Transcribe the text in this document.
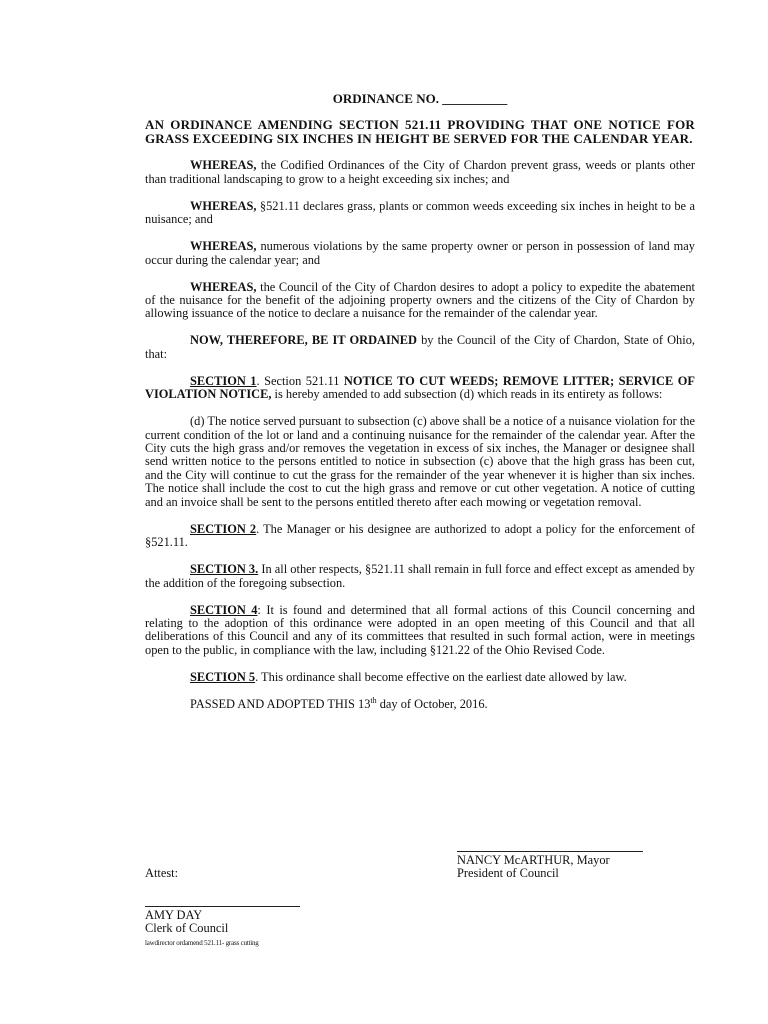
ORDINANCE NO. __________
AN ORDINANCE AMENDING SECTION 521.11 PROVIDING THAT ONE NOTICE FOR GRASS EXCEEDING SIX INCHES IN HEIGHT BE SERVED FOR THE CALENDAR YEAR.
WHEREAS, the Codified Ordinances of the City of Chardon prevent grass, weeds or plants other than traditional landscaping to grow to a height exceeding six inches; and
WHEREAS, §521.11 declares grass, plants or common weeds exceeding six inches in height to be a nuisance; and
WHEREAS, numerous violations by the same property owner or person in possession of land may occur during the calendar year; and
WHEREAS, the Council of the City of Chardon desires to adopt a policy to expedite the abatement of the nuisance for the benefit of the adjoining property owners and the citizens of the City of Chardon by allowing issuance of the notice to declare a nuisance for the remainder of the calendar year.
NOW, THEREFORE, BE IT ORDAINED by the Council of the City of Chardon, State of Ohio, that:
SECTION 1. Section 521.11 NOTICE TO CUT WEEDS; REMOVE LITTER; SERVICE OF VIOLATION NOTICE, is hereby amended to add subsection (d) which reads in its entirety as follows:
(d) The notice served pursuant to subsection (c) above shall be a notice of a nuisance violation for the current condition of the lot or land and a continuing nuisance for the remainder of the calendar year. After the City cuts the high grass and/or removes the vegetation in excess of six inches, the Manager or designee shall send written notice to the persons entitled to notice in subsection (c) above that the high grass has been cut, and the City will continue to cut the grass for the remainder of the year whenever it is higher than six inches. The notice shall include the cost to cut the high grass and remove or cut other vegetation. A notice of cutting and an invoice shall be sent to the persons entitled thereto after each mowing or vegetation removal.
SECTION 2. The Manager or his designee are authorized to adopt a policy for the enforcement of §521.11.
SECTION 3. In all other respects, §521.11 shall remain in full force and effect except as amended by the addition of the foregoing subsection.
SECTION 4: It is found and determined that all formal actions of this Council concerning and relating to the adoption of this ordinance were adopted in an open meeting of this Council and that all deliberations of this Council and any of its committees that resulted in such formal action, were in meetings open to the public, in compliance with the law, including §121.22 of the Ohio Revised Code.
SECTION 5. This ordinance shall become effective on the earliest date allowed by law.
PASSED AND ADOPTED THIS 13th day of October, 2016.
NANCY McARTHUR, Mayor
President of Council
Attest:
AMY DAY
Clerk of Council
lawdirector ordamend 521.11- grass cutting
